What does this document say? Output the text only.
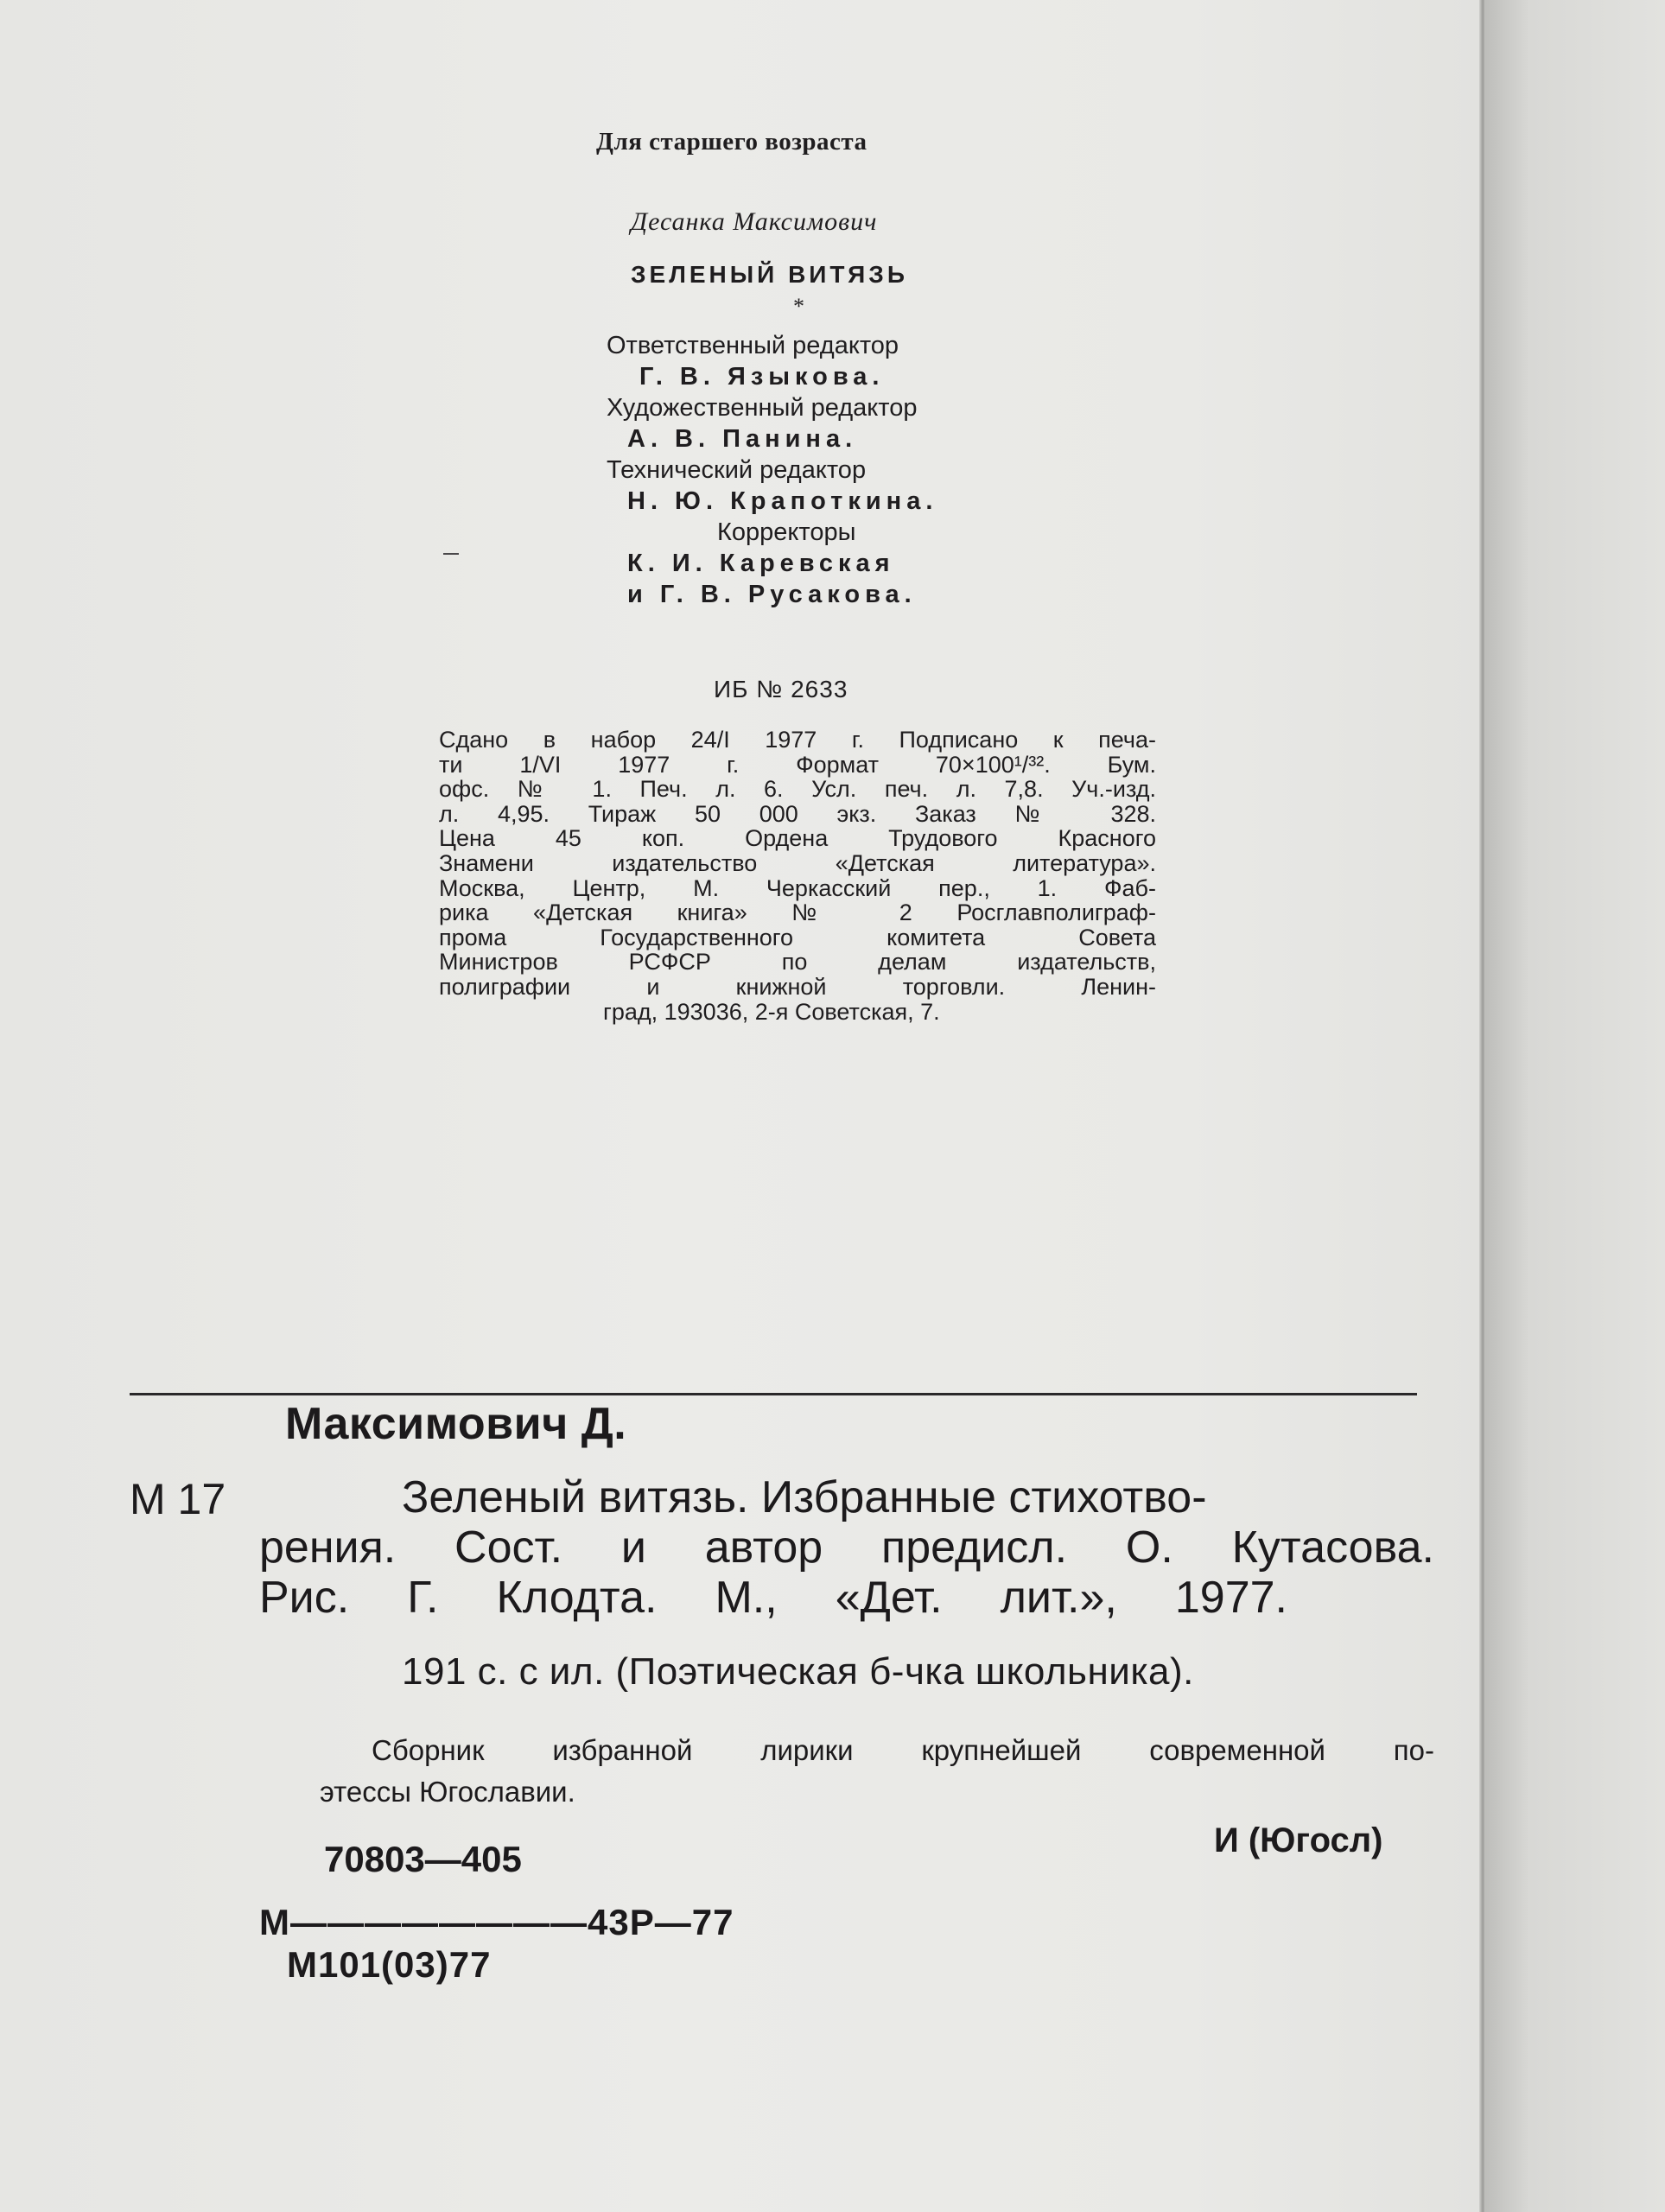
Для старшего возраста
Десанка Максимович
ЗЕЛЕНЫЙ ВИТЯЗЬ
*
Ответственный редактор
Г. В. Языкова.
Художественный редактор
А. В. Панина.
Технический редактор
Н. Ю. Крапоткина.
Корректоры
К. И. Каревская
и Г. В. Русакова.
ИБ № 2633
Сдано в набор 24/I 1977 г. Подписано к печа-
ти 1/VI 1977 г. Формат 70×100¹/³². Бум.
офс. № 1. Печ. л. 6. Усл. печ. л. 7,8. Уч.-изд.
л. 4,95. Тираж 50 000 экз. Заказ № 328.
Цена 45 коп. Ордена Трудового Красного
Знамени издательство «Детская литература».
Москва, Центр, М. Черкасский пер., 1. Фаб-
рика «Детская книга» № 2 Росглавполиграф-
прома Государственного комитета Совета
Министров РСФСР по делам издательств,
полиграфии и книжной торговли. Ленин-
град, 193036, 2-я Советская, 7.
Максимович Д.
М 17	Зеленый витязь. Избранные стихотво-
рения. Сост. и автор предисл. О. Кутасова.
Рис. Г. Клодта. М., «Дет. лит.», 1977.
191 с. с ил. (Поэтическая б-чка школьника).
Сборник избранной лирики крупнейшей современной по-
этессы Югославии.
И (Югосл)
70803—405
М————————43Р—77
М101(03)77
